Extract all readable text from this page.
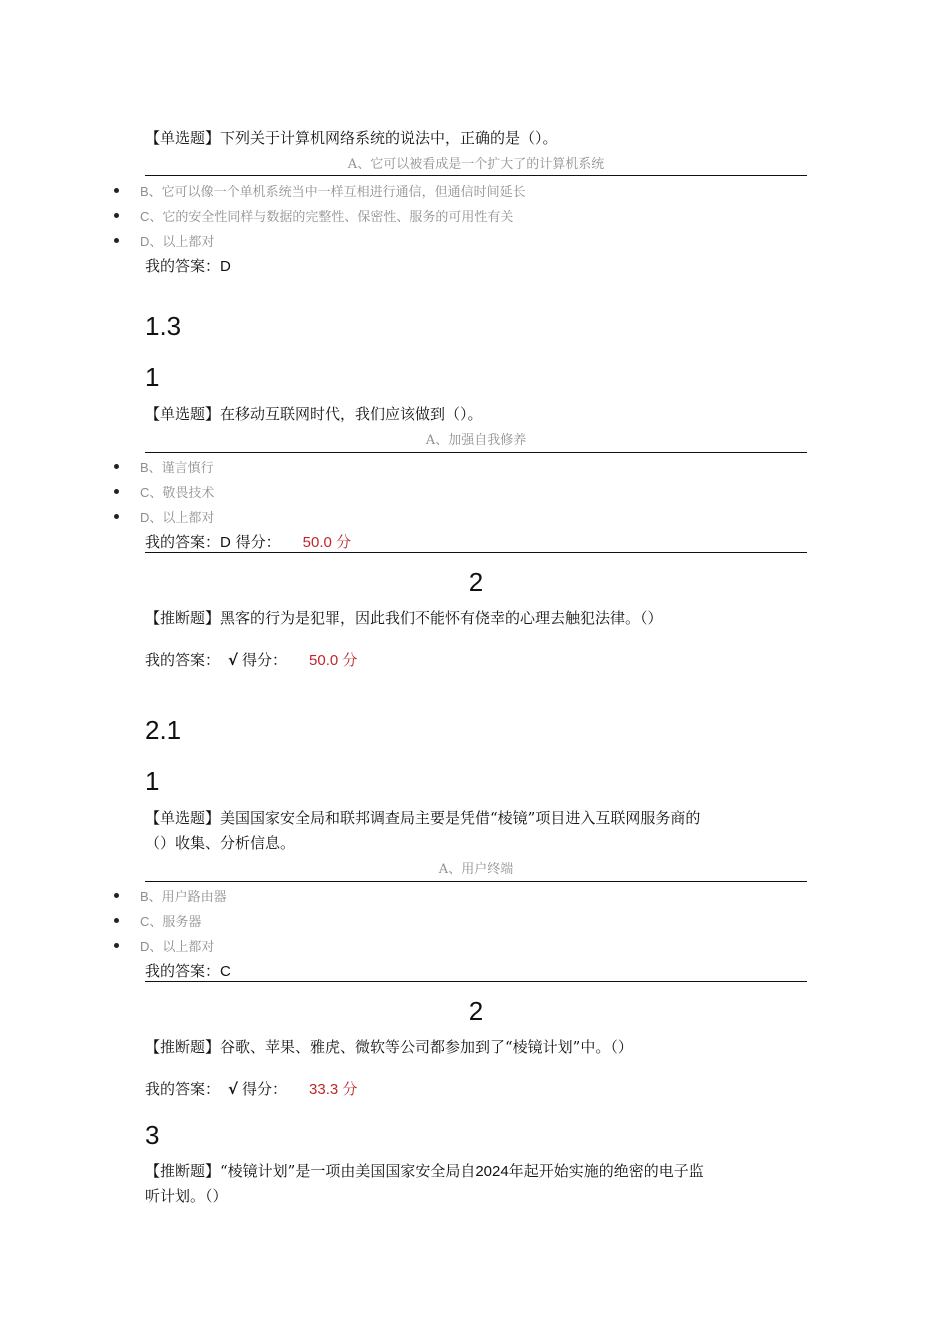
【单选题】下列关于计算机网络系统的说法中，正确的是（）。
A、它可以被看成是一个扩大了的计算机系统
B、它可以像一个单机系统当中一样互相进行通信，但通信时间延长
C、它的安全性同样与数据的完整性、保密性、服务的可用性有关
D、以上都对
我的答案：D
1.3
1
【单选题】在移动互联网时代，我们应该做到（）。
A、加强自我修养
B、谨言慎行
C、敬畏技术
D、以上都对
我的答案：D 得分： 50.0 分
2
【推断题】黑客的行为是犯罪，因此我们不能怀有侥幸的心理去触犯法律。（）
我的答案： √ 得分： 50.0 分
2.1
1
【单选题】美国国家安全局和联邦调查局主要是凭借“棱镜”项目进入互联网服务商的
（）收集、分析信息。
A、用户终端
B、用户路由器
C、服务器
D、以上都对
我的答案：C
2
【推断题】谷歌、苹果、雅虎、微软等公司都参加到了“棱镜计划”中。（）
我的答案： √ 得分： 33.3 分
3
【推断题】“棱镜计划”是一项由美国国家安全局自2024年起开始实施的绝密的电子监
听计划。（）
